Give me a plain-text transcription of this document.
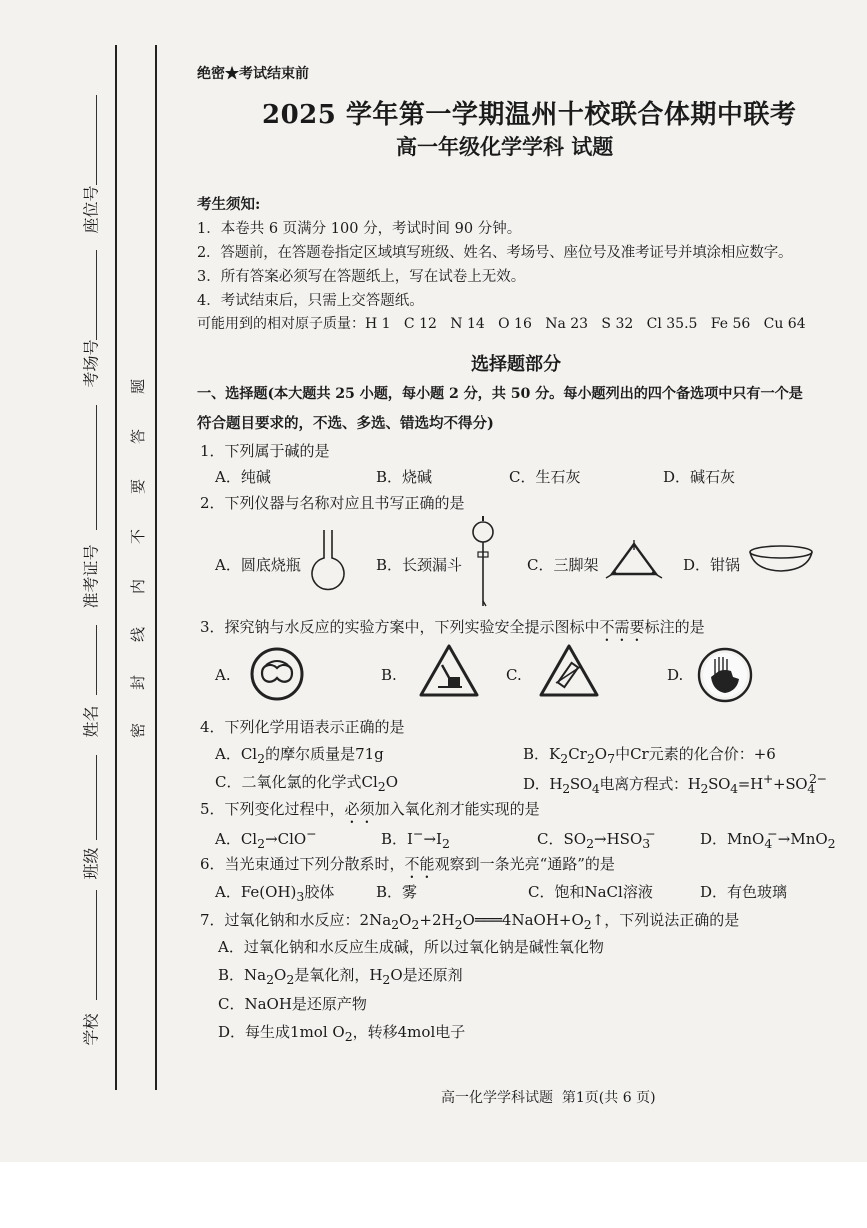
座位号
考场号
准考证号
姓名
班级
学校
题
答
要
不
内
线
封
密
绝密★考试结束前
2025 学年第一学期温州十校联合体期中联考
高一年级化学学科 试题
考生须知:
1．本卷共 6 页满分 100 分，考试时间 90 分钟。
2．答题前，在答题卷指定区域填写班级、姓名、考场号、座位号及准考证号并填涂相应数字。
3．所有答案必须写在答题纸上，写在试卷上无效。
4．考试结束后，只需上交答题纸。
可能用到的相对原子质量：H 1   C 12   N 14   O 16   Na 23   S 32   Cl 35.5   Fe 56   Cu 64
选择题部分
一、选择题(本大题共 25 小题，每小题 2 分，共 50 分。每小题列出的四个备选项中只有一个是
符合题目要求的，不选、多选、错选均不得分)
1．下列属于碱的是
A．纯碱	B．烧碱	C．生石灰	D．碱石灰
2．下列仪器与名称对应且书写正确的是
A．圆底烧瓶	B．长颈漏斗	C．三脚架	D．钳锅
3．探究钠与水反应的实验方案中，下列实验安全提示图标中不需要标注的是
A.	B.	C.	D.
4．下列化学用语表示正确的是
A．$Cl_2$的摩尔质量是71g	B．$K_2Cr_2O_7$中Cr元素的化合价：+6
C．二氧化氯的化学式$Cl_2O$	D．$H_2SO_4$电离方程式：$H_2SO_4=H^++SO_4^{2-}$
5．下列变化过程中，必须加入氧化剂才能实现的是
A．$Cl_2\to ClO^-$	B．$I^-\to I_2$	C．$SO_2\to HSO_3^-$	D．MnO$_4$−→MnO$_2$
6．当光束通过下列分散系时，不能观察到一条光亮“通路”的是
A．$Fe(OH)_3$胶体	B．雾	C．饱和NaCl溶液	D．有色玻璃
7．过氧化钠和水反应：$2Na_2O_2+2H_2O═══4NaOH+O_2↑$，下列说法正确的是
A．过氧化钠和水反应生成碱，所以过氧化钠是碱性氧化物
B．$Na_2O_2$是氧化剂，$H_2O$是还原剂
C．NaOH是还原产物
D．每生成1mol $O_2$，转移4mol电子
高一化学学科试题  第1页(共 6 页)
